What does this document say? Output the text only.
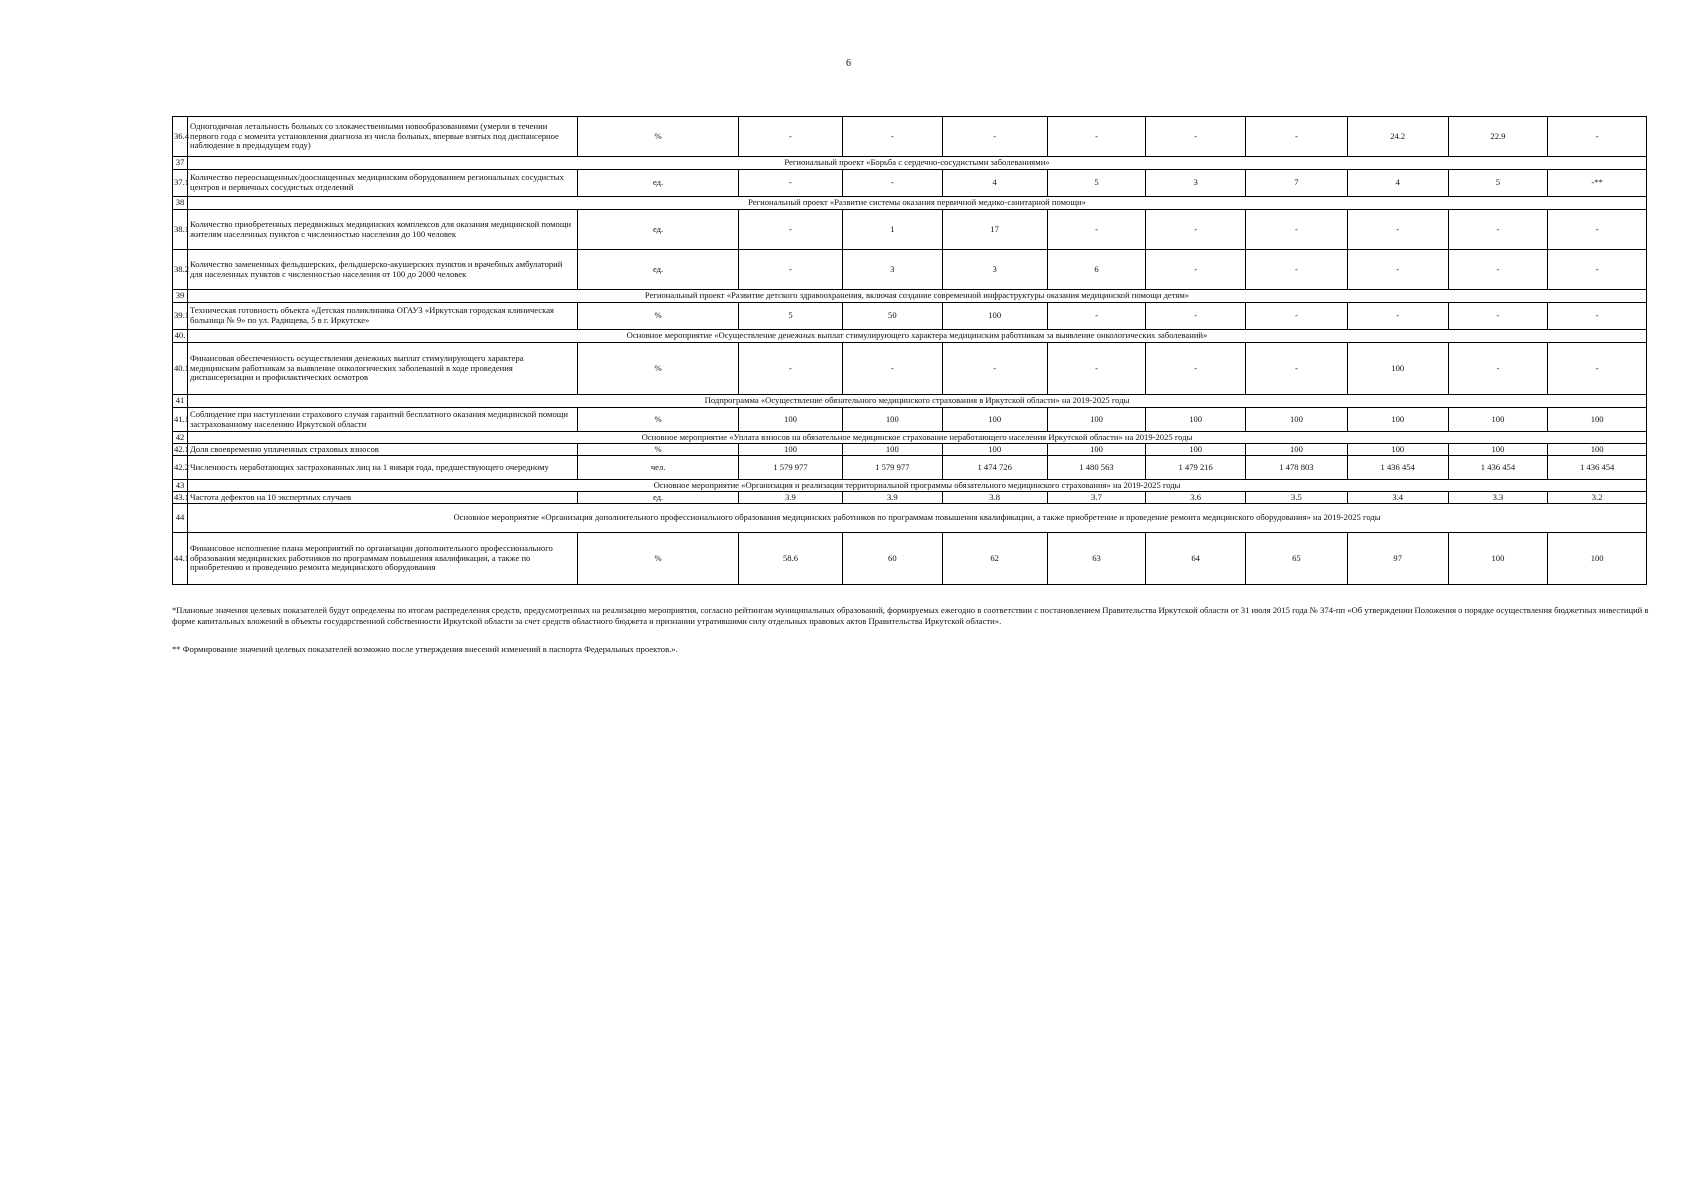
6
36.4	Одногодичная летальность больных со злокачественными новообразованиями (умерли в течении первого года с момента установления диагноза из числа больных, впервые взятых под диспансерное наблюдение в предыдущем году)	%	-	-	-	-	-	-	24.2	22.9	-
37	Региональный проект «Борьба с сердечно-сосудистыми заболеваниями»										
37.1	Количество переоснащенных/дооснащенных медицинским оборудованием региональных сосудистых центров и первичных сосудистых отделений	ед.	-	-	4	5	3	7	4	5	-**
38	Региональный проект «Развитие системы оказания первичной медико-санитарной помощи»										
38.1	Количество приобретенных передвижных медицинских комплексов для оказания медицинской помощи жителям населенных пунктов с численностью населения до 100 человек	ед.	-	1	17	-	-	-	-	-	-
38.2	Количество замененных фельдшерских, фельдшерско-акушерских пунктов и врачебных амбулаторий для населенных пунктов с численностью населения от 100 до 2000 человек	ед.	-	3	3	6	-	-	-	-	-
39	Региональный проект «Развитие детского здравоохранения, включая создание современной инфраструктуры оказания медицинской помощи детям»										
39.1	Техническая готовность объекта «Детская поликлиника ОГАУЗ «Иркутская городская клиническая больница № 9» по ул. Радищева, 5 в г. Иркутске»	%	5	50	100	-	-	-	-	-	-
40.	Основное мероприятие «Осуществление денежных выплат стимулирующего характера медицинским работникам за выявление онкологических заболеваний»										
40.1	Финансовая обеспеченность осуществления денежных выплат стимулирующего характера медицинским работникам за выявление онкологических заболеваний в ходе проведения диспансеризации и профилактических осмотров	%	-	-	-	-	-	-	100	-	-
41	Подпрограмма «Осуществление обязательного медицинского страхования в Иркутской области» на 2019-2025 годы										
41.1	Соблюдение при наступлении страхового случая гарантий бесплатного оказания медицинской помощи застрахованному населению Иркутской области	%	100	100	100	100	100	100	100	100	100
42	Основное мероприятие «Уплата взносов на обязательное медицинское страхование неработающего населения Иркутской области» на 2019-2025 годы										
42.1	Доля своевременно уплаченных страховых взносов	%	100	100	100	100	100	100	100	100	100
42.2	Численность неработающих застрахованных лиц на 1 января года, предшествующего очередному	чел.	1 579 977	1 579 977	1 474 726	1 480 563	1 479 216	1 478 803	1 436 454	1 436 454	1 436 454
43	Основное мероприятие «Организация и реализация территориальной программы обязательного медицинского страхования» на 2019-2025 годы										
43.1	Частота дефектов на 10 экспертных случаев	ед.	3.9	3.9	3.8	3.7	3.6	3.5	3.4	3.3	3.2
44	Основное мероприятие «Организация дополнительного профессионального образования медицинских работников по программам повышения квалификации, а также приобретение и проведение ремонта медицинского оборудования» на 2019-2025 годы										
44.1	Финансовое исполнение плана мероприятий по организации дополнительного профессионального образования медицинских работников по программам повышения квалификации, а также по приобретению и проведению ремонта медицинского оборудования	%	58.6	60	62	63	64	65	97	100	100

*Плановые значения целевых показателей будут определены по итогам распределения средств, предусмотренных на реализацию мероприятия, согласно рейтингам муниципальных образований, формируемых ежегодно в соответствии с постановлением Правительства Иркутской области от 31 июля 2015 года № 374-пп «Об утверждении Положения о порядке осуществления бюджетных инвестиций в форме капитальных вложений в объекты государственной собственности Иркутской области за счет средств областного бюджета и признании утратившими силу отдельных правовых актов Правительства Иркутской области».

** Формирование значений целевых показателей возможно после утверждения внесений изменений в паспорта Федеральных проектов.».
